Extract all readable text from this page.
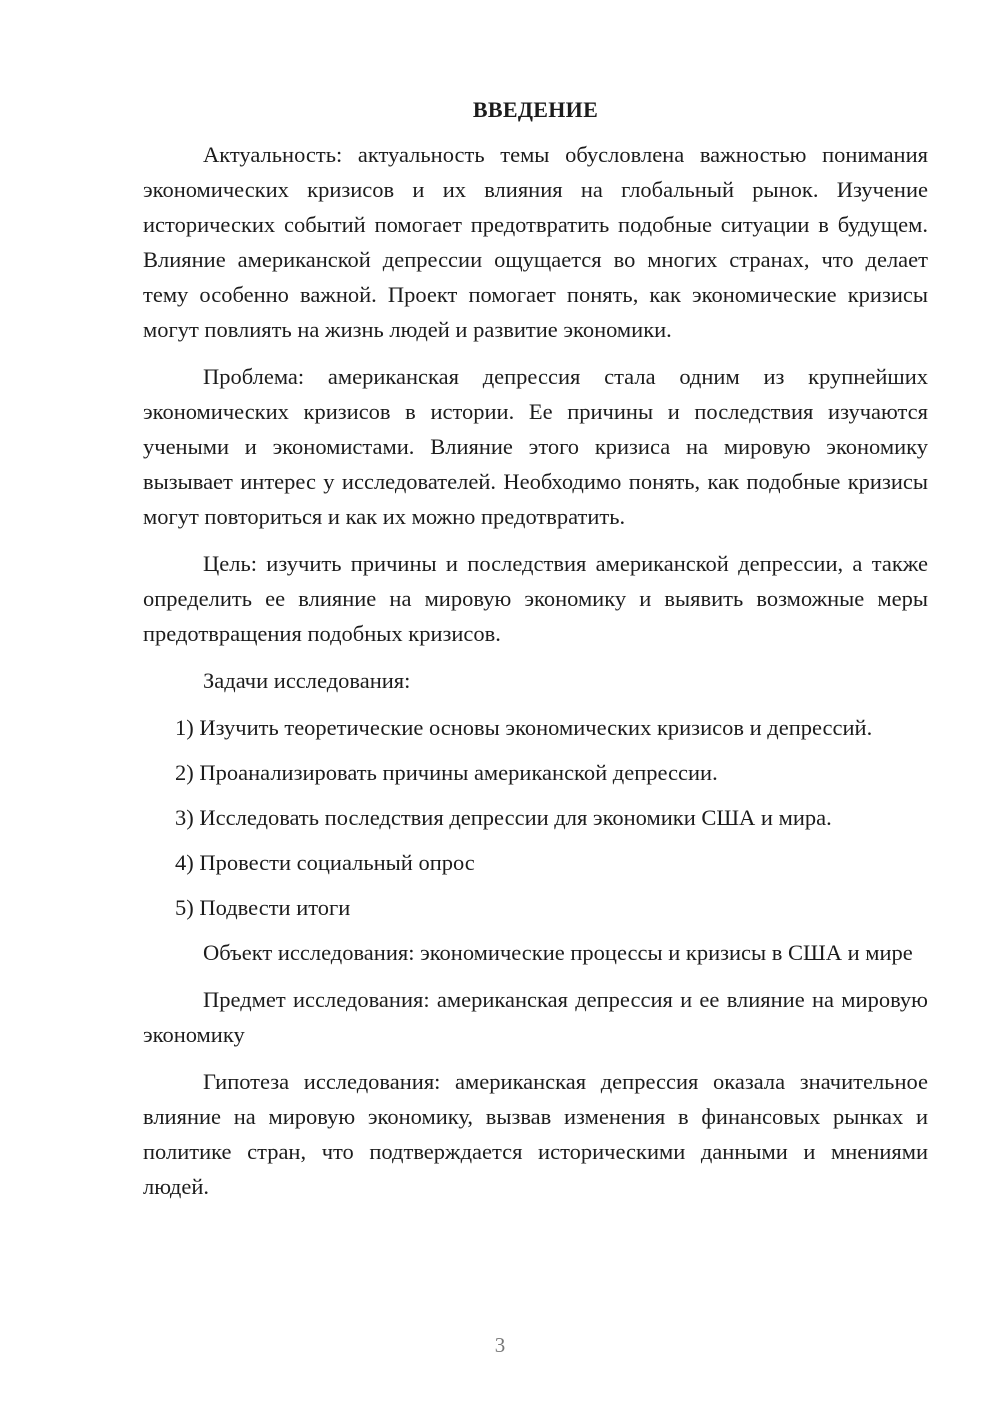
ВВЕДЕНИЕ

Актуальность: актуальность темы обусловлена важностью понимания экономических кризисов и их влияния на глобальный рынок. Изучение исторических событий помогает предотвратить подобные ситуации в будущем. Влияние американской депрессии ощущается во многих странах, что делает тему особенно важной. Проект помогает понять, как экономические кризисы могут повлиять на жизнь людей и развитие экономики.

Проблема: американская депрессия стала одним из крупнейших экономических кризисов в истории. Ее причины и последствия изучаются учеными и экономистами. Влияние этого кризиса на мировую экономику вызывает интерес у исследователей. Необходимо понять, как подобные кризисы могут повториться и как их можно предотвратить.

Цель: изучить причины и последствия американской депрессии, а также определить ее влияние на мировую экономику и выявить возможные меры предотвращения подобных кризисов.

Задачи исследования:

1) Изучить теоретические основы экономических кризисов и депрессий.

2) Проанализировать причины американской депрессии.

3) Исследовать последствия депрессии для экономики США и мира.

4) Провести социальный опрос

5) Подвести итоги

Объект исследования: экономические процессы и кризисы в США и мире

Предмет исследования: американская депрессия и ее влияние на мировую экономику

Гипотеза исследования: американская депрессия оказала значительное влияние на мировую экономику, вызвав изменения в финансовых рынках и политике стран, что подтверждается историческими данными и мнениями людей.

3
